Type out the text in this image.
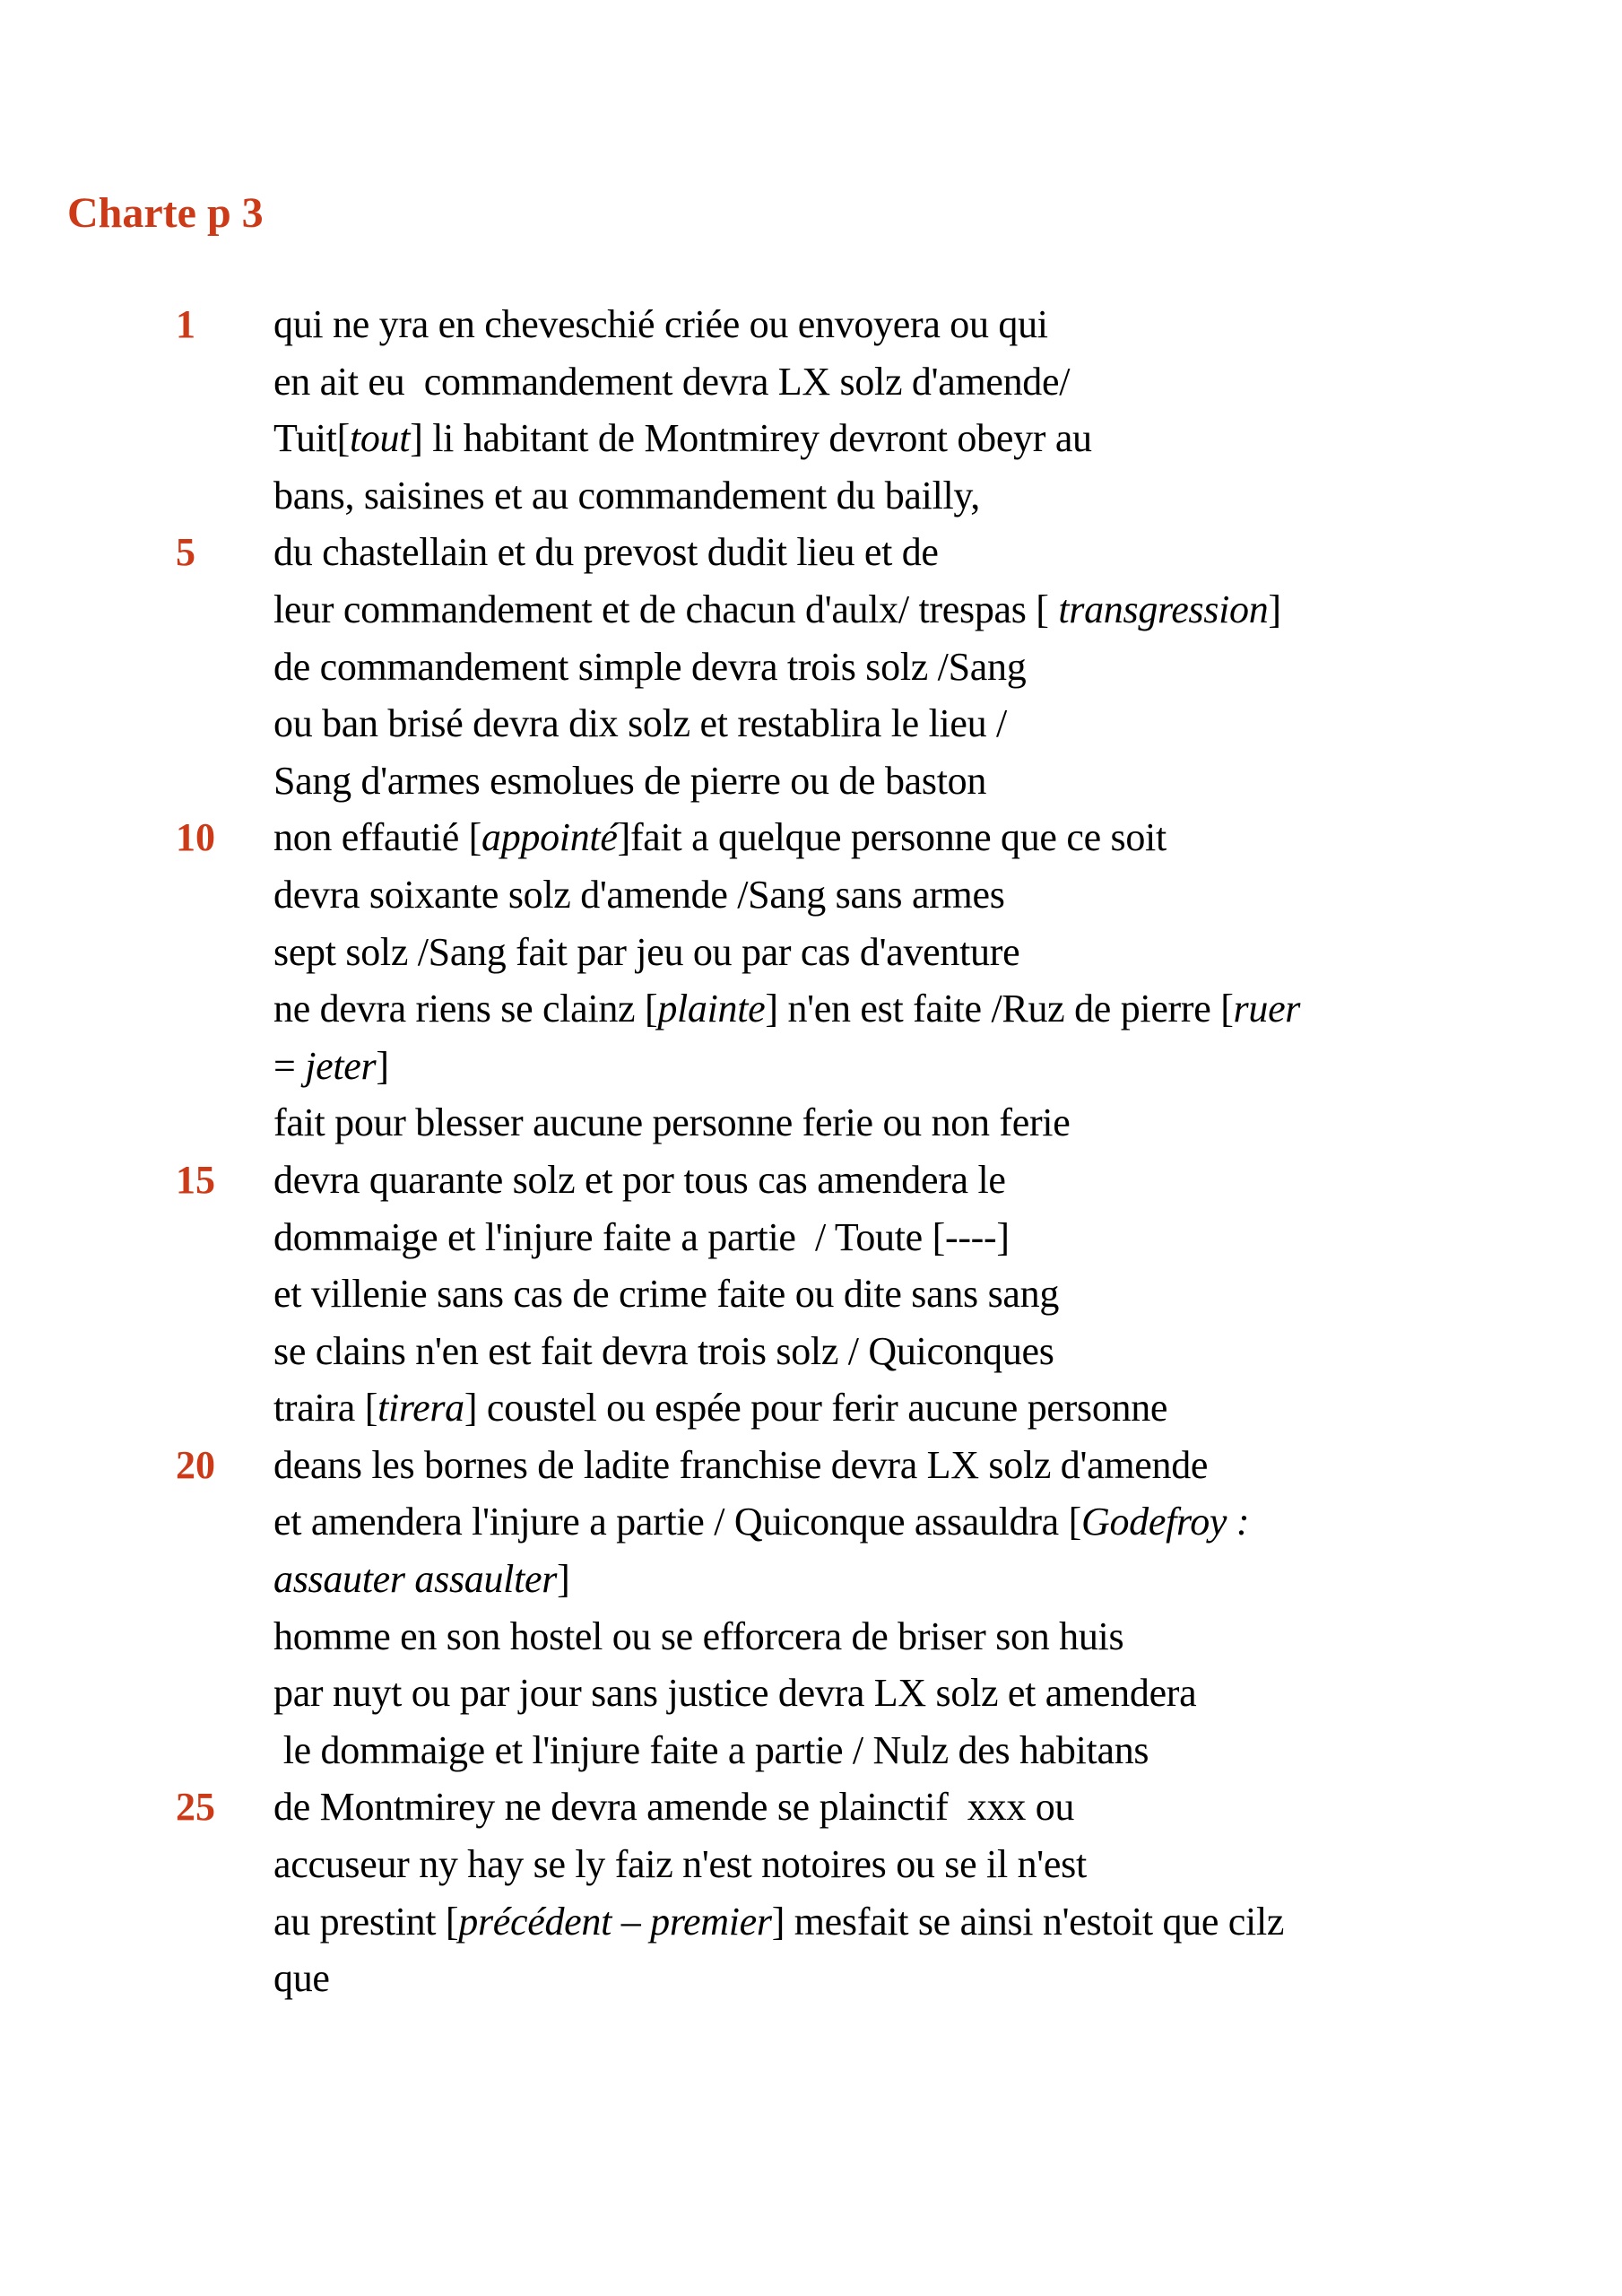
Charte p 3
1	qui ne yra en cheveschié criée ou envoyera ou qui
en ait eu  commandement devra LX solz d'amende/
Tuit[tout] li habitant de Montmirey devront obeyr au
bans, saisines et au commandement du bailly,
5	du chastellain et du prevost dudit lieu et de
leur commandement et de chacun d'aulx/ trespas [ transgression]
de commandement simple devra trois solz /Sang
ou ban brisé devra dix solz et restablira le lieu /
Sang d'armes esmolues de pierre ou de baston
10	non effautié [appointé]fait a quelque personne que ce soit
devra soixante solz d'amende /Sang sans armes
sept solz /Sang fait par jeu ou par cas d'aventure
ne devra riens se clainz [plainte] n'en est faite /Ruz de pierre [ruer
= jeter]
fait pour blesser aucune personne ferie ou non ferie
15	devra quarante solz et por tous cas amendera le
dommaige et l'injure faite a partie  / Toute [----]
et villenie sans cas de crime faite ou dite sans sang
se clains n'en est fait devra trois solz / Quiconques
traira [tirera] coustel ou espée pour ferir aucune personne
20	deans les bornes de ladite franchise devra LX solz d'amende
et amendera l'injure a partie / Quiconque assauldra [Godefroy :
assauter assaulter]
homme en son hostel ou se efforcera de briser son huis
par nuyt ou par jour sans justice devra LX solz et amendera
le dommaige et l'injure faite a partie / Nulz des habitans
25	de Montmirey ne devra amende se plainctif  xxx ou
accuseur ny hay se ly faiz n'est notoires ou se il n'est
au prestint [précédent – premier] mesfait se ainsi n'estoit que cilz
que
